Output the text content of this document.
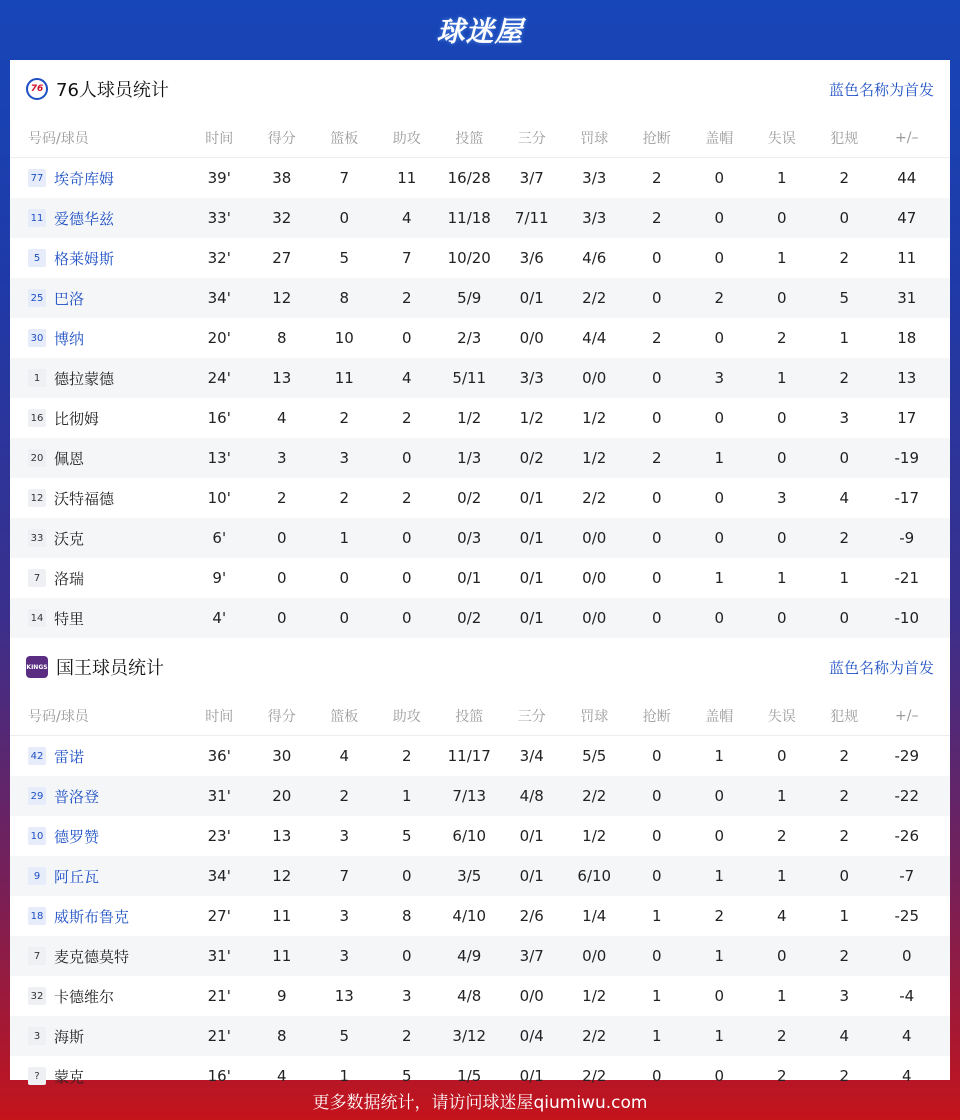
球迷屋
76 76人球员统计	蓝色名称为首发
号码/球员	时间	得分	篮板	助攻	投篮	三分	罚球	抢断	盖帽	失误	犯规	+/–
77 埃奇库姆	39'	38	7	11	16/28	3/7	3/3	2	0	1	2	44
11 爱德华兹	33'	32	0	4	11/18	7/11	3/3	2	0	0	0	47
5 格莱姆斯	32'	27	5	7	10/20	3/6	4/6	0	0	1	2	11
25 巴洛	34'	12	8	2	5/9	0/1	2/2	0	2	0	5	31
30 博纳	20'	8	10	0	2/3	0/0	4/4	2	0	2	1	18
1 德拉蒙德	24'	13	11	4	5/11	3/3	0/0	0	3	1	2	13
16 比彻姆	16'	4	2	2	1/2	1/2	1/2	0	0	0	3	17
20 佩恩	13'	3	3	0	1/3	0/2	1/2	2	1	0	0	-19
12 沃特福德	10'	2	2	2	0/2	0/1	2/2	0	0	3	4	-17
33 沃克	6'	0	1	0	0/3	0/1	0/0	0	0	0	2	-9
7 洛瑞	9'	0	0	0	0/1	0/1	0/0	0	1	1	1	-21
14 特里	4'	0	0	0	0/2	0/1	0/0	0	0	0	0	-10
KINGS 国王球员统计	蓝色名称为首发
号码/球员	时间	得分	篮板	助攻	投篮	三分	罚球	抢断	盖帽	失误	犯规	+/–
42 雷诺	36'	30	4	2	11/17	3/4	5/5	0	1	0	2	-29
29 普洛登	31'	20	2	1	7/13	4/8	2/2	0	0	1	2	-22
10 德罗赞	23'	13	3	5	6/10	0/1	1/2	0	0	2	2	-26
9 阿丘瓦	34'	12	7	0	3/5	0/1	6/10	0	1	1	0	-7
18 威斯布鲁克	27'	11	3	8	4/10	2/6	1/4	1	2	4	1	-25
7 麦克德莫特	31'	11	3	0	4/9	3/7	0/0	0	1	0	2	0
32 卡德维尔	21'	9	13	3	4/8	0/0	1/2	1	0	1	3	-4
3 海斯	21'	8	5	2	3/12	0/4	2/2	1	1	2	4	4
? 蒙克	16'	4	1	5	1/5	0/1	2/2	0	0	2	2	4
更多数据统计，请访问球迷屋qiumiwu.com
